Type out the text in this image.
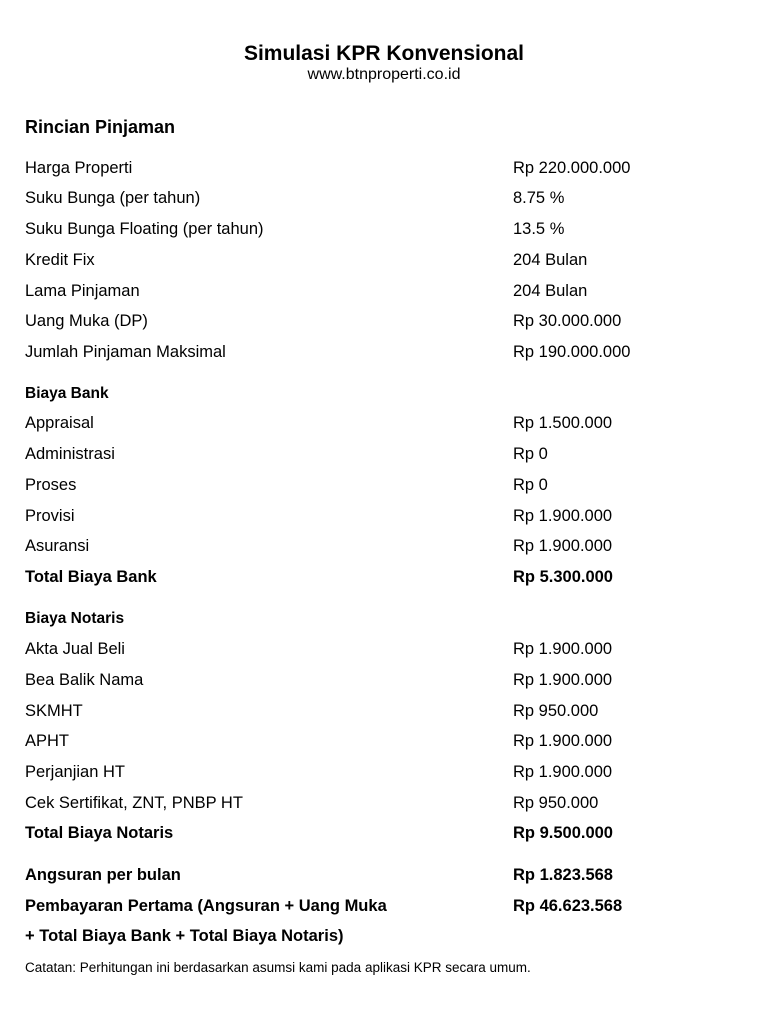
Simulasi KPR Konvensional
www.btnproperti.co.id
Rincian Pinjaman
Harga Properti	Rp 220.000.000
Suku Bunga (per tahun)	8.75 %
Suku Bunga Floating (per tahun)	13.5 %
Kredit Fix	204 Bulan
Lama Pinjaman	204 Bulan
Uang Muka (DP)	Rp 30.000.000
Jumlah Pinjaman Maksimal	Rp 190.000.000
Biaya Bank
Appraisal	Rp 1.500.000
Administrasi	Rp 0
Proses	Rp 0
Provisi	Rp 1.900.000
Asuransi	Rp 1.900.000
Total Biaya Bank	Rp 5.300.000
Biaya Notaris
Akta Jual Beli	Rp 1.900.000
Bea Balik Nama	Rp 1.900.000
SKMHT	Rp 950.000
APHT	Rp 1.900.000
Perjanjian HT	Rp 1.900.000
Cek Sertifikat, ZNT, PNBP HT	Rp 950.000
Total Biaya Notaris	Rp 9.500.000
Angsuran per bulan	Rp 1.823.568
Pembayaran Pertama (Angsuran + Uang Muka	Rp 46.623.568
+ Total Biaya Bank + Total Biaya Notaris)
Catatan: Perhitungan ini berdasarkan asumsi kami pada aplikasi KPR secara umum.
